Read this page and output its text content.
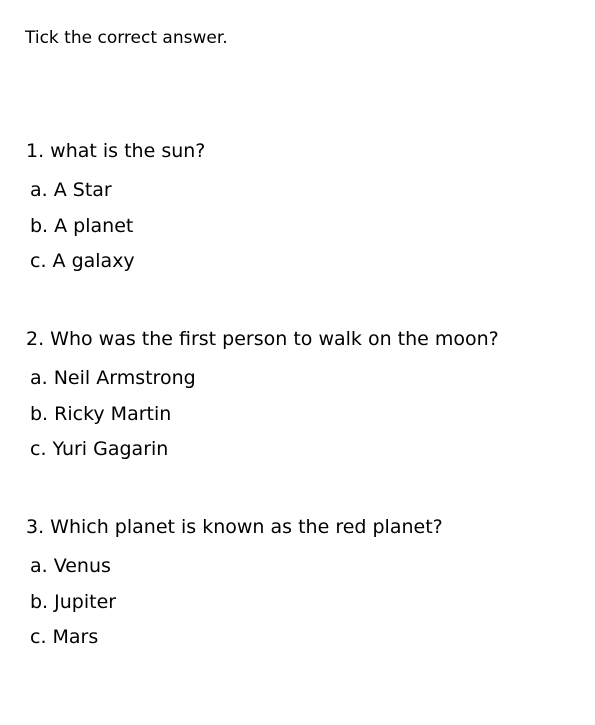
Tick the correct answer.

1. what is the sun?

a. A Star
b. A planet
c. A galaxy

2. Who was the first person to walk on the moon?

a. Neil Armstrong
b. Ricky Martin
c. Yuri Gagarin

3. Which planet is known as the red planet?

a. Venus
b. Jupiter
c. Mars
